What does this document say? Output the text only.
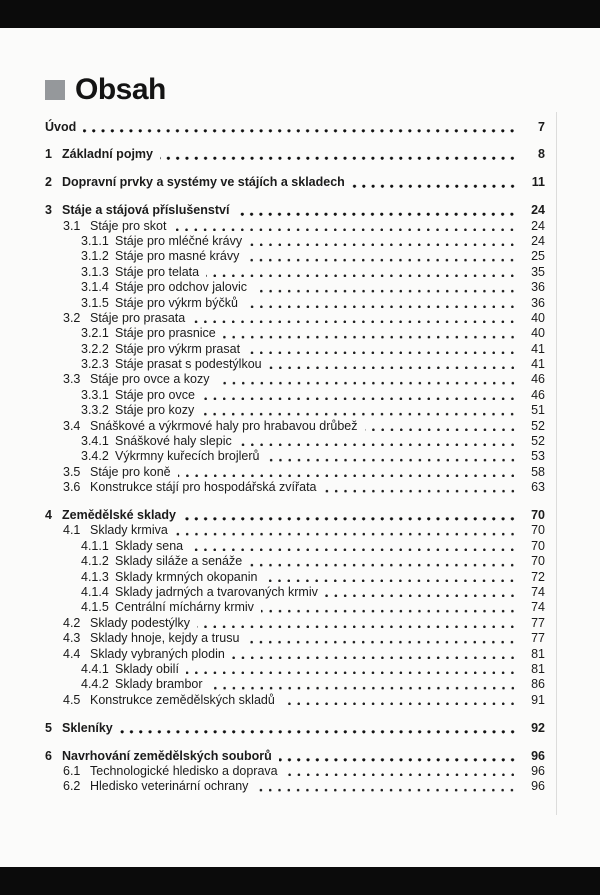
Obsah
Úvod	7
1 Základní pojmy	8
2 Dopravní prvky a systémy ve stájích a skladech	11
3 Stáje a stájová příslušenství	24
3.1 Stáje pro skot	24
3.1.1 Stáje pro mléčné krávy	24
3.1.2 Stáje pro masné krávy	25
3.1.3 Stáje pro telata	35
3.1.4 Stáje pro odchov jalovic	36
3.1.5 Stáje pro výkrm býčků	36
3.2 Stáje pro prasata	40
3.2.1 Stáje pro prasnice	40
3.2.2 Stáje pro výkrm prasat	41
3.2.3 Stáje prasat s podestýlkou	41
3.3 Stáje pro ovce a kozy	46
3.3.1 Stáje pro ovce	46
3.3.2 Stáje pro kozy	51
3.4 Snáškové a výkrmové haly pro hrabavou drůbež	52
3.4.1 Snáškové haly slepic	52
3.4.2 Výkrmny kuřecích brojlerů	53
3.5 Stáje pro koně	58
3.6 Konstrukce stájí pro hospodářská zvířata	63
4 Zemědělské sklady	70
4.1 Sklady krmiva	70
4.1.1 Sklady sena	70
4.1.2 Sklady siláže a senáže	70
4.1.3 Sklady krmných okopanin	72
4.1.4 Sklady jadrných a tvarovaných krmiv	74
4.1.5 Centrální míchárny krmiv	74
4.2 Sklady podestýlky	77
4.3 Sklady hnoje, kejdy a trusu	77
4.4 Sklady vybraných plodin	81
4.4.1 Sklady obilí	81
4.4.2 Sklady brambor	86
4.5 Konstrukce zemědělských skladů	91
5 Skleníky	92
6 Navrhování zemědělských souborů	96
6.1 Technologické hledisko a doprava	96
6.2 Hledisko veterinární ochrany	96
